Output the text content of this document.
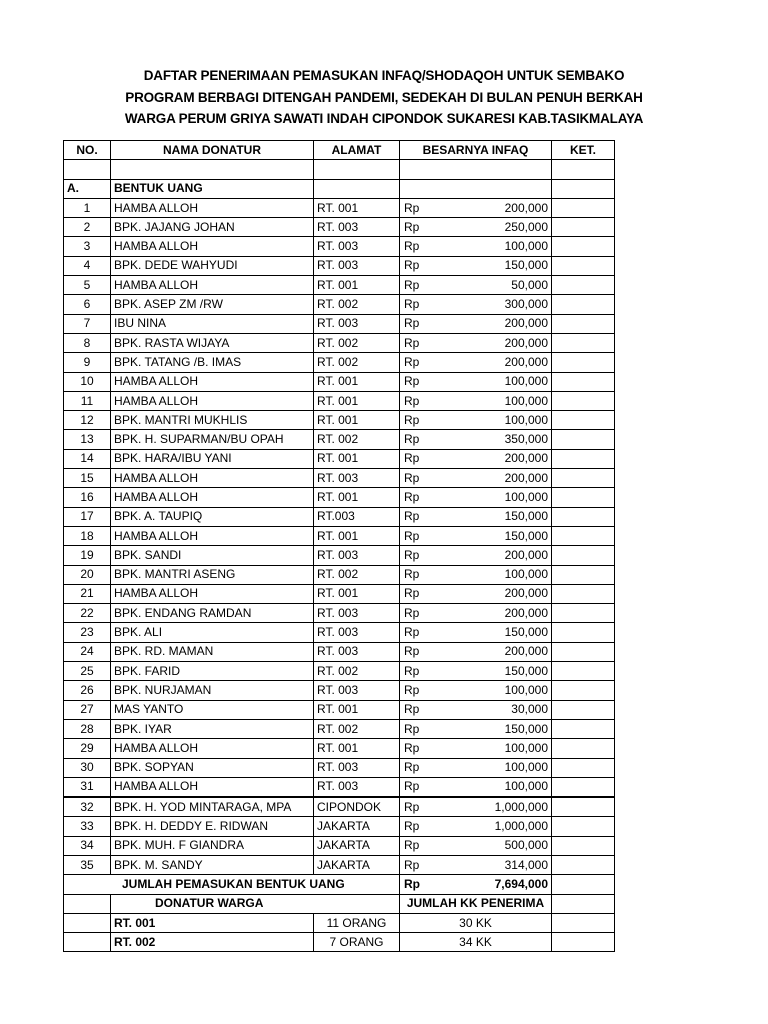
DAFTAR PENERIMAAN PEMASUKAN INFAQ/SHODAQOH UNTUK SEMBAKO
PROGRAM BERBAGI DITENGAH PANDEMI, SEDEKAH DI BULAN PENUH BERKAH
WARGA PERUM GRIYA SAWATI INDAH CIPONDOK SUKARESI KAB.TASIKMALAYA
NO.	NAMA DONATUR	ALAMAT	BESARNYA INFAQ	KET.

A.	BENTUK UANG			
1	HAMBA ALLOH	RT. 001	Rp 200,000	

2	BPK. JAJANG JOHAN	RT. 003	Rp 250,000	

3	HAMBA ALLOH	RT. 003	Rp 100,000	

4	BPK. DEDE WAHYUDI	RT. 003	Rp 150,000	

5	HAMBA ALLOH	RT. 001	Rp 50,000	

6	BPK. ASEP ZM /RW	RT. 002	Rp 300,000	

7	IBU NINA	RT. 003	Rp 200,000	

8	BPK. RASTA WIJAYA	RT. 002	Rp 200,000	

9	BPK. TATANG /B. IMAS	RT. 002	Rp 200,000	

10	HAMBA ALLOH	RT. 001	Rp 100,000	

11	HAMBA ALLOH	RT. 001	Rp 100,000	

12	BPK. MANTRI MUKHLIS	RT. 001	Rp 100,000	

13	BPK. H. SUPARMAN/BU OPAH	RT. 002	Rp 350,000	

14	BPK. HARA/IBU YANI	RT. 001	Rp 200,000	

15	HAMBA ALLOH	RT. 003	Rp 200,000	

16	HAMBA ALLOH	RT. 001	Rp 100,000	

17	BPK. A. TAUPIQ	RT.003	Rp 150,000	

18	HAMBA ALLOH	RT. 001	Rp 150,000	

19	BPK. SANDI	RT. 003	Rp 200,000	

20	BPK. MANTRI ASENG	RT. 002	Rp 100,000	

21	HAMBA ALLOH	RT. 001	Rp 200,000	

22	BPK. ENDANG RAMDAN	RT. 003	Rp 200,000	

23	BPK. ALI	RT. 003	Rp 150,000	

24	BPK. RD. MAMAN	RT. 003	Rp 200,000	

25	BPK. FARID	RT. 002	Rp 150,000	

26	BPK. NURJAMAN	RT. 003	Rp 100,000	

27	MAS YANTO	RT. 001	Rp 30,000	

28	BPK. IYAR	RT. 002	Rp 150,000	

29	HAMBA ALLOH	RT. 001	Rp 100,000	

30	BPK. SOPYAN	RT. 003	Rp 100,000	

31	HAMBA ALLOH	RT. 003	Rp 100,000	

32	BPK. H. YOD MINTARAGA, MPA	CIPONDOK	Rp 1,000,000	

33	BPK. H. DEDDY E. RIDWAN	JAKARTA	Rp 1,000,000	

34	BPK. MUH. F GIANDRA	JAKARTA	Rp 500,000	

35	BPK. M. SANDY	JAKARTA	Rp 314,000	

JUMLAH PEMASUKAN BENTUK UANG			Rp 7,694,000	

	DONATUR WARGA		JUMLAH KK PENERIMA	
	RT. 001	11 ORANG	30 KK	
	RT. 002	7 ORANG	34 KK	
